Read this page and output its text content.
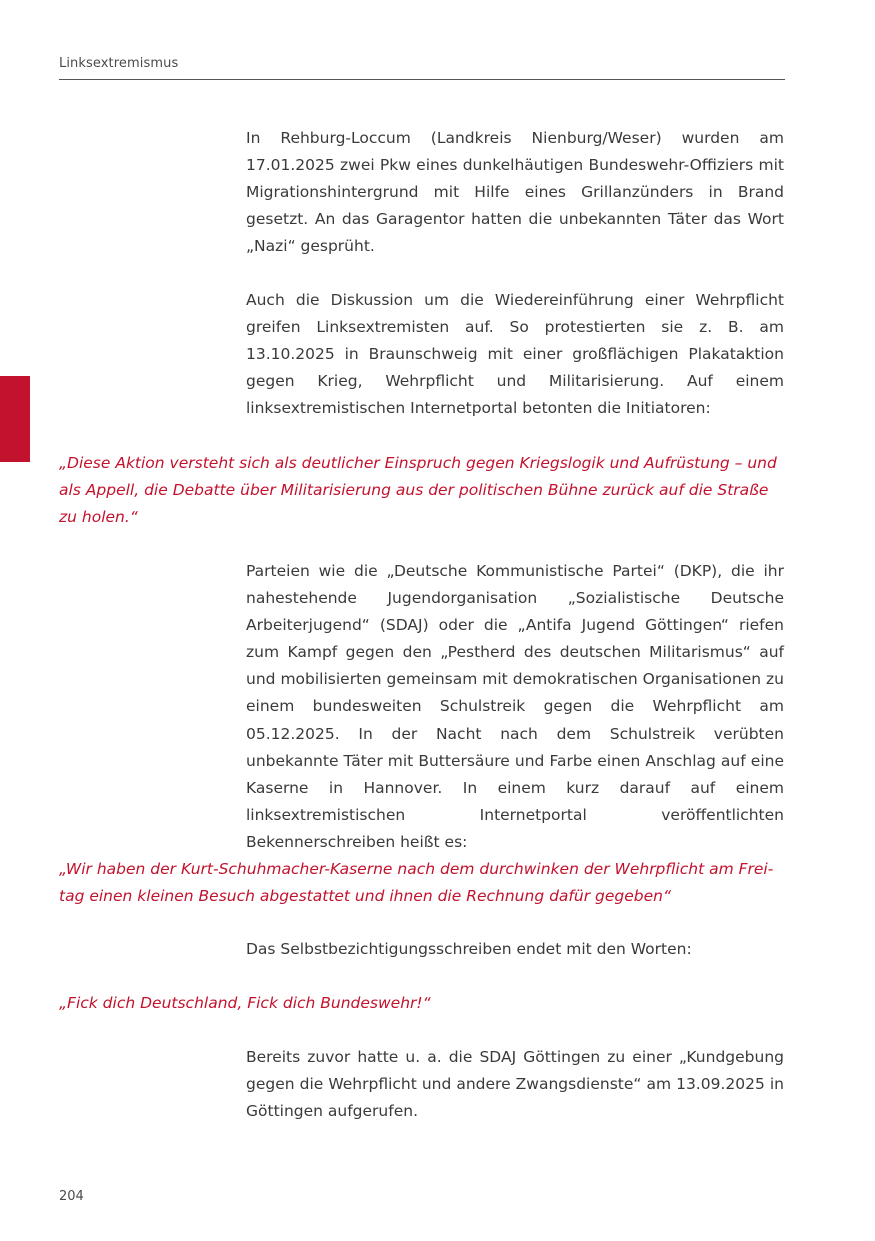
Linksextremismus

In Rehburg-Loccum (Landkreis Nienburg/Weser) wurden am 17.01.2025 zwei Pkw eines dunkelhäutigen Bundeswehr-Offiziers mit Migrationshintergrund mit Hilfe eines Grillanzünders in Brand gesetzt. An das Garagentor hatten die unbekannten Täter das Wort „Nazi“ gesprüht.

Auch die Diskussion um die Wiedereinführung einer Wehrpflicht greifen Linksextremisten auf. So protestierten sie z. B. am 13.10.2025 in Braunschweig mit einer großflächigen Plakataktion gegen Krieg, Wehrpflicht und Militarisierung. Auf einem linksextremistischen Internetportal betonten die Initiatoren:

„Diese Aktion versteht sich als deutlicher Einspruch gegen Kriegslogik und Aufrüstung – und als Appell, die Debatte über Militarisierung aus der politischen Bühne zurück auf die Straße zu holen.“

Parteien wie die „Deutsche Kommunistische Partei“ (DKP), die ihr nahestehende Jugendorganisation „Sozialistische Deutsche Arbeiterjugend“ (SDAJ) oder die „Antifa Jugend Göttingen“ riefen zum Kampf gegen den „Pestherd des deutschen Militarismus“ auf und mobilisierten gemeinsam mit demokratischen Organisationen zu einem bundesweiten Schulstreik gegen die Wehrpflicht am 05.12.2025. In der Nacht nach dem Schulstreik verübten unbekannte Täter mit Buttersäure und Farbe einen Anschlag auf eine Kaserne in Hannover. In einem kurz darauf auf einem linksextremistischen Internetportal veröffentlichten Bekennerschreiben heißt es:

„Wir haben der Kurt-Schuhmacher-Kaserne nach dem durchwinken der Wehrpflicht am Frei-tag einen kleinen Besuch abgestattet und ihnen die Rechnung dafür gegeben“

Das Selbstbezichtigungsschreiben endet mit den Worten:

„Fick dich Deutschland, Fick dich Bundeswehr!“

Bereits zuvor hatte u. a. die SDAJ Göttingen zu einer „Kundgebung gegen die Wehrpflicht und andere Zwangsdienste“ am 13.09.2025 in Göttingen aufgerufen.

204
